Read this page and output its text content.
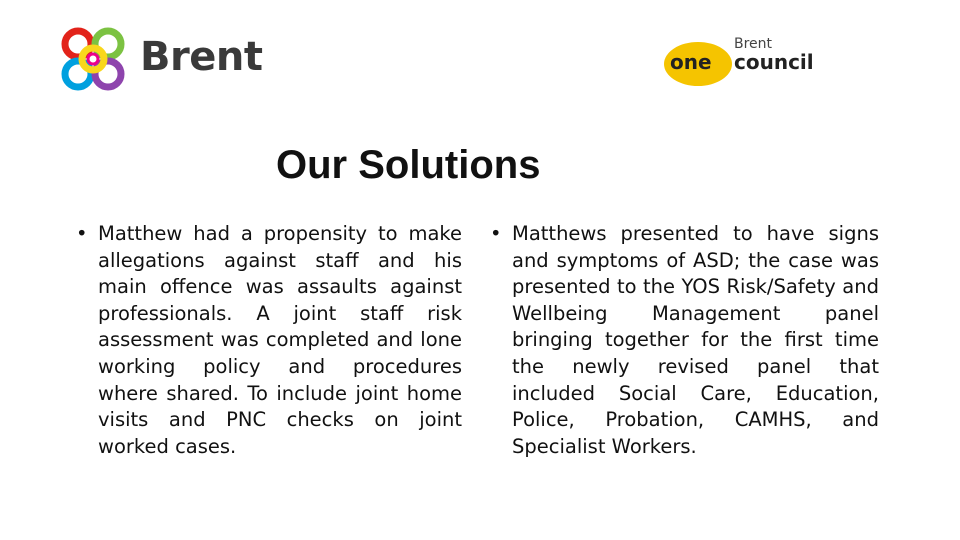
Brent	one
Brent
council
Our Solutions
• Matthew had a propensity to make allegations against staff and his main offence was assaults against professionals. A joint staff risk assessment was completed and lone working policy and procedures where shared. To include joint home visits and PNC checks on joint worked cases.
• Matthews presented to have signs and symptoms of ASD; the case was presented to the YOS Risk/Safety and Wellbeing Management panel bringing together for the first time the newly revised panel that included Social Care, Education, Police, Probation, CAMHS, and Specialist Workers.
